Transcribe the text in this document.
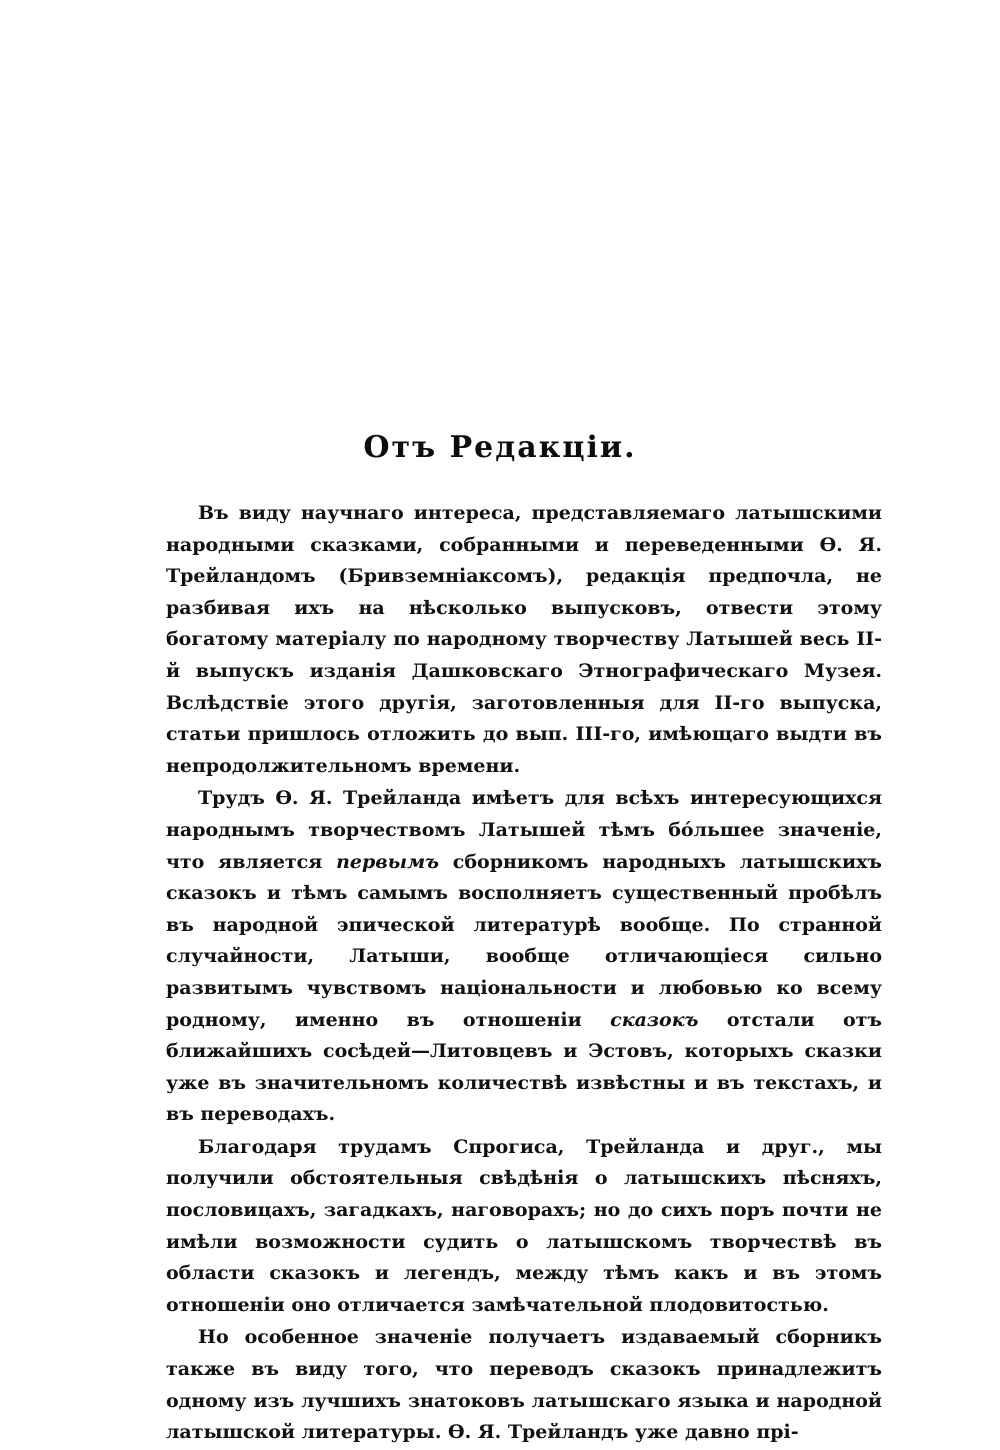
Отъ Редакціи.

Въ виду научнаго интереса, представляемаго латышскими народными сказками, собранными и переведенными Ѳ. Я. Трейландомъ (Бривземніаксомъ), редакція предпочла, не разбивая ихъ на нѣсколько выпусковъ, отвести этому богатому матеріалу по народному творчеству Латышей весь II-й выпускъ изданія Дашковскаго Этнографическаго Музея. Вслѣдствіе этого другія, заготовленныя для II-го выпуска, статьи пришлось отложить до вып. III-го, имѣющаго выдти въ непродолжительномъ времени.

Трудъ Ѳ. Я. Трейланда имѣетъ для всѣхъ интересующихся народнымъ творчествомъ Латышей тѣмъ бо́льшее значеніе, что является первымъ сборникомъ народныхъ латышскихъ сказокъ и тѣмъ самымъ восполняетъ существенный пробѣлъ въ народной эпической литературѣ вообще. По странной случайности, Латыши, вообще отличающіеся сильно развитымъ чувствомъ національности и любовью ко всему родному, именно въ отношеніи сказокъ отстали отъ ближайшихъ сосѣдей—Литовцевъ и Эстовъ, которыхъ сказки уже въ значительномъ количествѣ извѣстны и въ текстахъ, и въ переводахъ.

Благодаря трудамъ Спрогиса, Трейланда и друг., мы получили обстоятельныя свѣдѣнія о латышскихъ пѣсняхъ, пословицахъ, загадкахъ, наговорахъ; но до сихъ поръ почти не имѣли возможности судить о латышскомъ творчествѣ въ области сказокъ и легендъ, между тѣмъ какъ и въ этомъ отношеніи оно отличается замѣчательной плодовитостью.

Но особенное значеніе получаетъ издаваемый сборникъ также въ виду того, что переводъ сказокъ принадлежитъ одному изъ лучшихъ знатоковъ латышскаго языка и народной латышской литературы. Ѳ. Я. Трейландъ уже давно прі-
